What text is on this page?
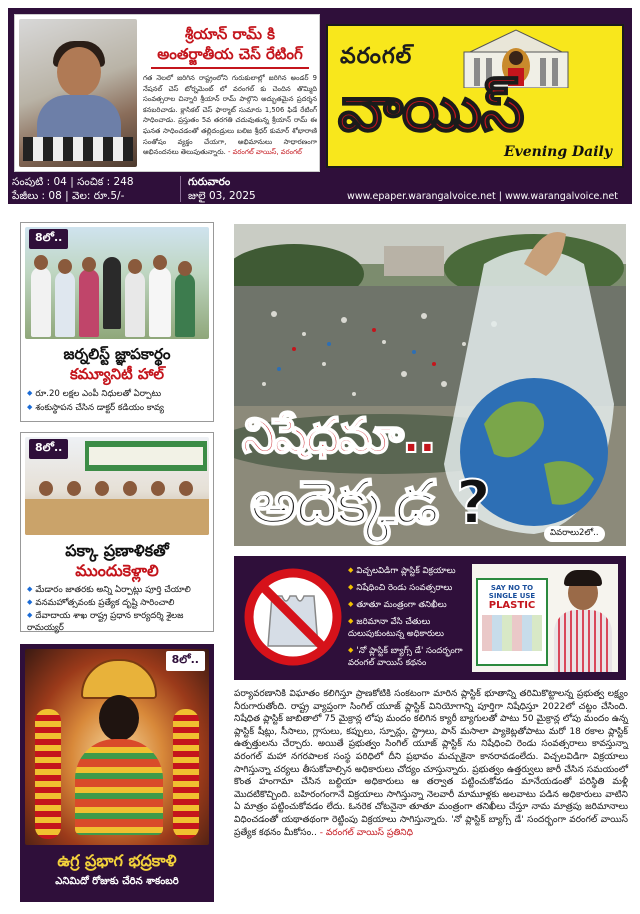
శ్రీయాన్ రామ్ కి
అంతర్జాతీయ చెస్ రేటింగ్
గత నెలలో జరిగిన రాష్ట్రంలోని గురుకులాల్లో జరిగిన అండర్ 9 నేషనల్ చెస్ టోర్నమెంట్ లో వరంగల్ కు చెందిన తొమ్మిది సంవత్సరాల చిన్నారి శ్రీయాన్ రామ్ పాల్గొని అద్భుతమైన ప్రదర్శన కనబరిచాడు. క్లాసికల్ చెస్ ఫార్మాట్ సుమారు 1,506 ఫిడే రేటింగ్ సాధించాడు. ప్రస్తుతం 5వ తరగతి చదువుతున్న శ్రీయాన్ రామ్ ఈ ఘనత సాధించడంతో తల్లిదండ్రులు బలిజ శ్రీధర్ కుమార్ శోభారాణి సంతోషం వ్యక్తం చేయగా, అభిమానులు సాధారణంగా అభినందనలు తెలుపుతున్నారు. - వరంగల్ వాయిస్, వరంగల్
వరంగల్
వాయిస్
Evening Daily
సంపుటి : 04 | సంచిక : 248
పేజీలు : 08 | వెల: రూ.5/-
గురువారం
జులై 03, 2025	www.epaper.warangalvoice.net | www.warangalvoice.net
8లో..
జర్నలిస్ట్ జ్ఞాపకార్థం
కమ్యూనిటీ హాల్
◆ రూ.20 లక్షల ఎంపీ నిధులతో ఏర్పాటు
◆ శంకుస్థాపన చేసిన డాక్టర్ కడియం కావ్య
8లో..
పక్కా ప్రణాళికతో
ముందుకెళ్లాలి
◆ మేడారం జాతరకు అన్ని ఏర్పాట్లు పూర్తి చేయాలి
◆ వనమహోత్సవంకు ప్రత్యేక దృష్టి సారించాలి
◆ దేవాదాయ శాఖ రాష్ట్ర ప్రధాన కార్యదర్శి శైలజ రామయ్యర్
8లో..
ఉగ్ర ప్రభాగ భద్రకాళి
ఎనిమిదో రోజుకు చేరిన శాకంబరి
నిషేధమా..
అదెక్కడ ?	వివరాలు2లో..
◆ విచ్చలవిడిగా ప్లాస్టిక్ విక్రయాలు
◆ నిషేధించి రెండు సంవత్సరాలు
◆ తూతూ మంత్రంగా తనిఖీలు
◆ జరిమానా వేసి చేతులు దులుపుకుంటున్న అధికారులు
◆ 'నో ప్లాస్టిక్ బ్యాగ్స్ డే' సందర్భంగా వరంగల్ వాయిస్ కథనం
SAY NO TO
SINGLE USE
PLASTIC
పర్యావరణానికి విఘాతం కలిగిస్తూ ప్రాణకోటికి సంకటంగా మారిన ప్లాస్టిక్ భూతాన్ని తరిమికొట్టాలన్న ప్రభుత్వ లక్ష్యం నీరుగారుతోంది. రాష్ట్ర వ్యాప్తంగా సింగిల్ యూజ్ ప్లాస్టిక్ వినియోగాన్ని పూర్తిగా నిషేధిస్తూ 2022లో చట్టం చేసింది. నిషేధిత ప్లాస్టిక్ జాబితాలో 75 మైక్రాన్ల లోపు మందం కలిగిన క్యారీ బ్యాగులతో పాటు 50 మైక్రాన్ల లోపు మందం ఉన్న ప్లాస్టిక్ షీట్లు, సీసాలు, గ్లాసులు, కప్పులు, స్పూన్లు, స్ట్రాలు, పాన్ మసాలా ప్యాకెట్లతోపాటు మరో 18 రకాల ప్లాస్టిక్ ఉత్పత్తులను చేర్చారు. అయితే ప్రభుత్వం సింగిల్ యూజ్ ప్లాస్టిక్ ను నిషేధించి రెండు సంవత్సరాలు కావస్తున్నా వరంగల్ మహా నగరపాలక సంస్థ పరిధిలో దీని ప్రభావం మచ్చుకైనా కానరావడంలేదు. విచ్చలవిడిగా విక్రయాలు సాగిస్తున్నా చర్యలు తీసుకోవాల్సిన అధికారులు చోద్యం చూస్తున్నారు. ప్రభుత్వం ఉత్తర్వులు జారీ చేసిన సమయంలో కొంత హంగామా చేసిన బల్దియా అధికారులు ఆ తర్వాత పట్టించుకోవడం మానేయడంతో పరిస్థితి మళ్లీ మొదటికొచ్చింది. బహిరంగంగానే విక్రయాలు సాగిస్తున్నా నెలవారీ మామూళ్లకు అలవాటు పడిన అధికారులు వాటిని ఏ మాత్రం పట్టించుకోవడం లేదు. ఓనరెక చోటనైనా తూతూ మంత్రంగా తనిఖీలు చేస్తూ నామ మాత్రపు జరిమానాలు విధించడంతో యథాతథంగా రెట్టింపు విక్రయాలు సాగిస్తున్నారు. 'నో ప్లాస్టిక్ బ్యాగ్స్ డే' సందర్భంగా వరంగల్ వాయిస్ ప్రత్యేక కథనం మీకోసం.. - వరంగల్ వాయిస్ ప్రతినిధి
